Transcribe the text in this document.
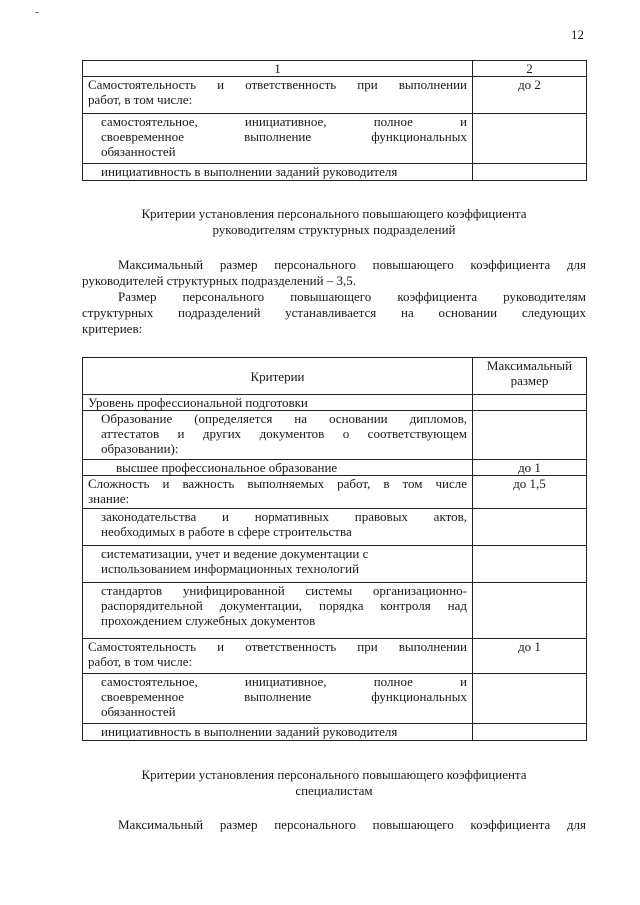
12
1	2

Самостоятельность и ответственность при выполнении
работ, в том числе:	до 2

самостоятельное, инициативное, полное и
своевременное выполнение функциональных
обязанностей	

инициативность в выполнении заданий руководителя	
Критерии установления персонального повышающего коэффициента
руководителям структурных подразделений
Максимальный размер персонального повышающего коэффициента для
руководителей структурных подразделений – 3,5.
Размер персонального повышающего коэффициента руководителям
структурных подразделений устанавливается на основании следующих
критериев:
Критерии	Максимальный
размер

Уровень профессиональной подготовки	

Образование (определяется на основании дипломов,
аттестатов и других документов о соответствующем
образовании):	

высшее профессиональное образование	до 1

Сложность и важность выполняемых работ, в том числе
знание:	до 1,5

законодательства и нормативных правовых актов,
необходимых в работе в сфере строительства	

систематизации, учет и ведение документации с
использованием информационных технологий	

стандартов унифицированной системы организационно-
распорядительной документации, порядка контроля над
прохождением служебных документов	

Самостоятельность и ответственность при выполнении
работ, в том числе:	до 1

самостоятельное, инициативное, полное и
своевременное выполнение функциональных
обязанностей	

инициативность в выполнении заданий руководителя	
Критерии установления персонального повышающего коэффициента
специалистам
Максимальный размер персонального повышающего коэффициента для
